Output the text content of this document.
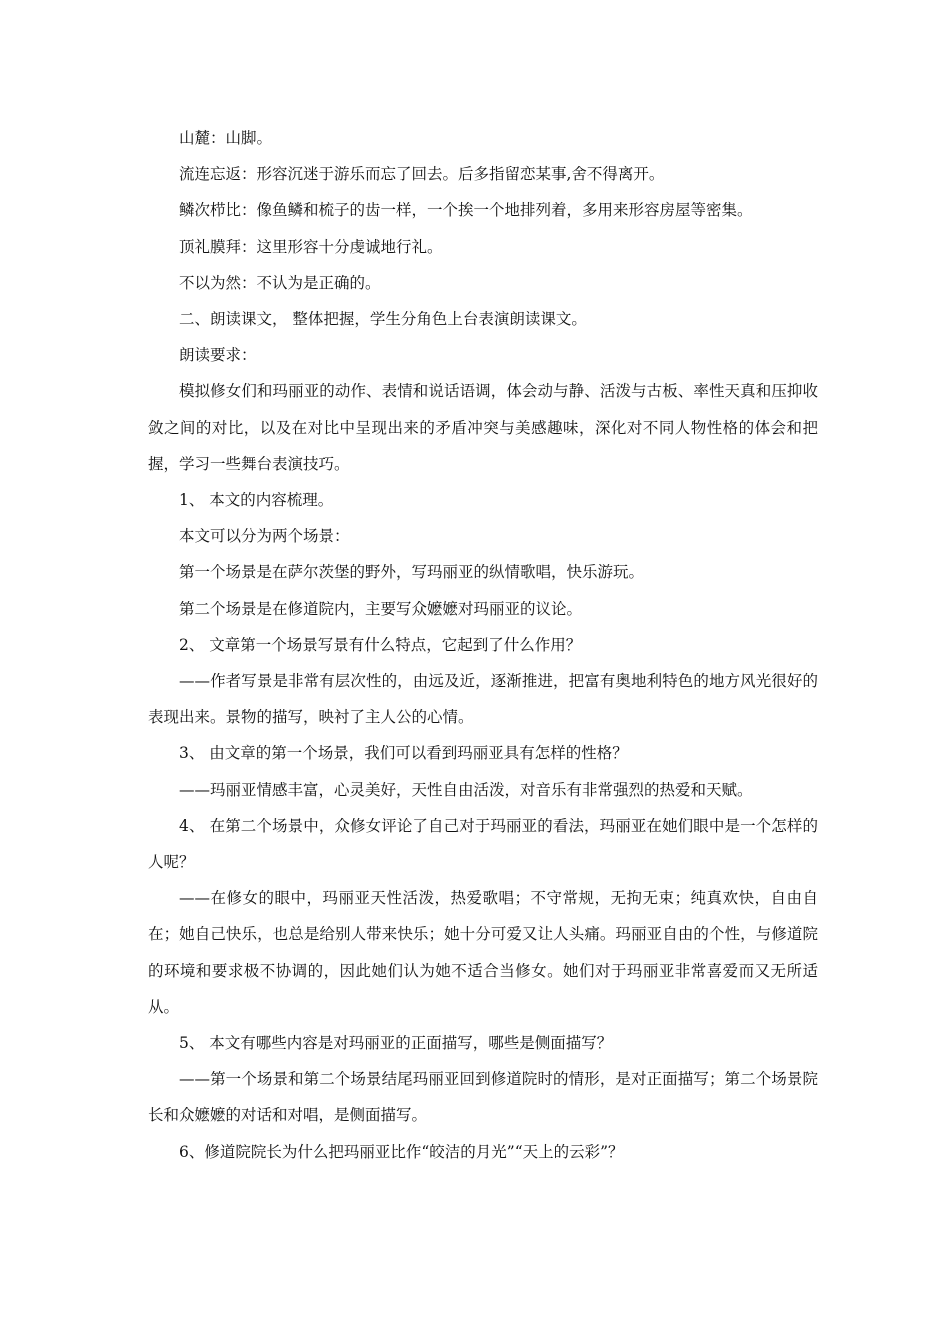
山麓：山脚。

流连忘返：形容沉迷于游乐而忘了回去。后多指留恋某事,舍不得离开。

鳞次栉比：像鱼鳞和梳子的齿一样，一个挨一个地排列着，多用来形容房屋等密集。

顶礼膜拜：这里形容十分虔诚地行礼。

不以为然：不认为是正确的。

二、朗读课文， 整体把握，学生分角色上台表演朗读课文。

朗读要求：

模拟修女们和玛丽亚的动作、表情和说话语调，体会动与静、活泼与古板、率性天真和压抑收敛之间的对比，以及在对比中呈现出来的矛盾冲突与美感趣味，深化对不同人物性格的体会和把握，学习一些舞台表演技巧。

1、 本文的内容梳理。

本文可以分为两个场景：

第一个场景是在萨尔茨堡的野外，写玛丽亚的纵情歌唱，快乐游玩。

第二个场景是在修道院内，主要写众嬷嬷对玛丽亚的议论。

2、 文章第一个场景写景有什么特点，它起到了什么作用？

——作者写景是非常有层次性的，由远及近，逐渐推进，把富有奥地利特色的地方风光很好的表现出来。景物的描写，映衬了主人公的心情。

3、 由文章的第一个场景，我们可以看到玛丽亚具有怎样的性格？

——玛丽亚情感丰富，心灵美好，天性自由活泼，对音乐有非常强烈的热爱和天赋。

4、 在第二个场景中，众修女评论了自己对于玛丽亚的看法，玛丽亚在她们眼中是一个怎样的人呢？

——在修女的眼中，玛丽亚天性活泼，热爱歌唱；不守常规，无拘无束；纯真欢快，自由自在；她自己快乐，也总是给别人带来快乐；她十分可爱又让人头痛。玛丽亚自由的个性，与修道院的环境和要求极不协调的，因此她们认为她不适合当修女。她们对于玛丽亚非常喜爱而又无所适从。

5、 本文有哪些内容是对玛丽亚的正面描写，哪些是侧面描写？

——第一个场景和第二个场景结尾玛丽亚回到修道院时的情形，是对正面描写；第二个场景院长和众嬷嬷的对话和对唱，是侧面描写。

6、修道院院长为什么把玛丽亚比作“皎洁的月光”“天上的云彩”？
